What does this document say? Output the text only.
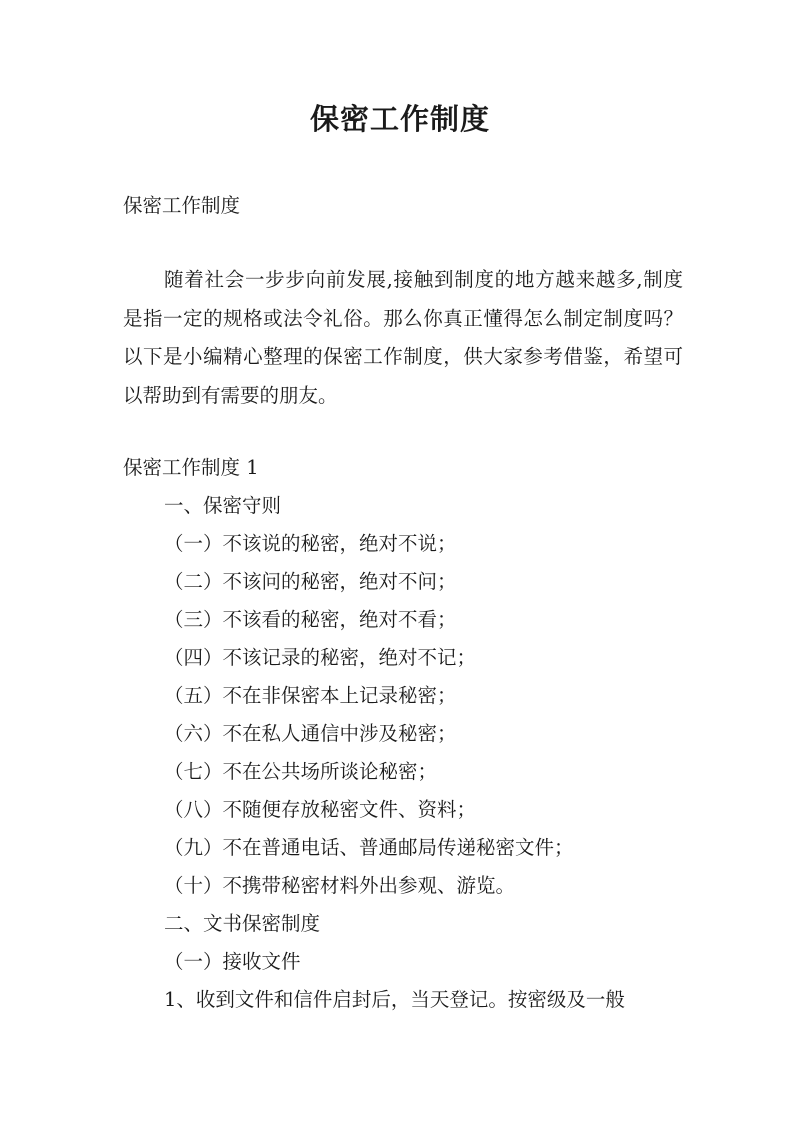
保密工作制度

保密工作制度

随着社会一步步向前发展,接触到制度的地方越来越多,制度是指一定的规格或法令礼俗。那么你真正懂得怎么制定制度吗？以下是小编精心整理的保密工作制度，供大家参考借鉴，希望可以帮助到有需要的朋友。

保密工作制度 1

一、保密守则

（一）不该说的秘密，绝对不说；

（二）不该问的秘密，绝对不问；

（三）不该看的秘密，绝对不看；

（四）不该记录的秘密，绝对不记；

（五）不在非保密本上记录秘密；

（六）不在私人通信中涉及秘密；

（七）不在公共场所谈论秘密；

（八）不随便存放秘密文件、资料；

（九）不在普通电话、普通邮局传递秘密文件；

（十）不携带秘密材料外出参观、游览。

二、文书保密制度

（一）接收文件

1、收到文件和信件启封后，当天登记。按密级及一般
